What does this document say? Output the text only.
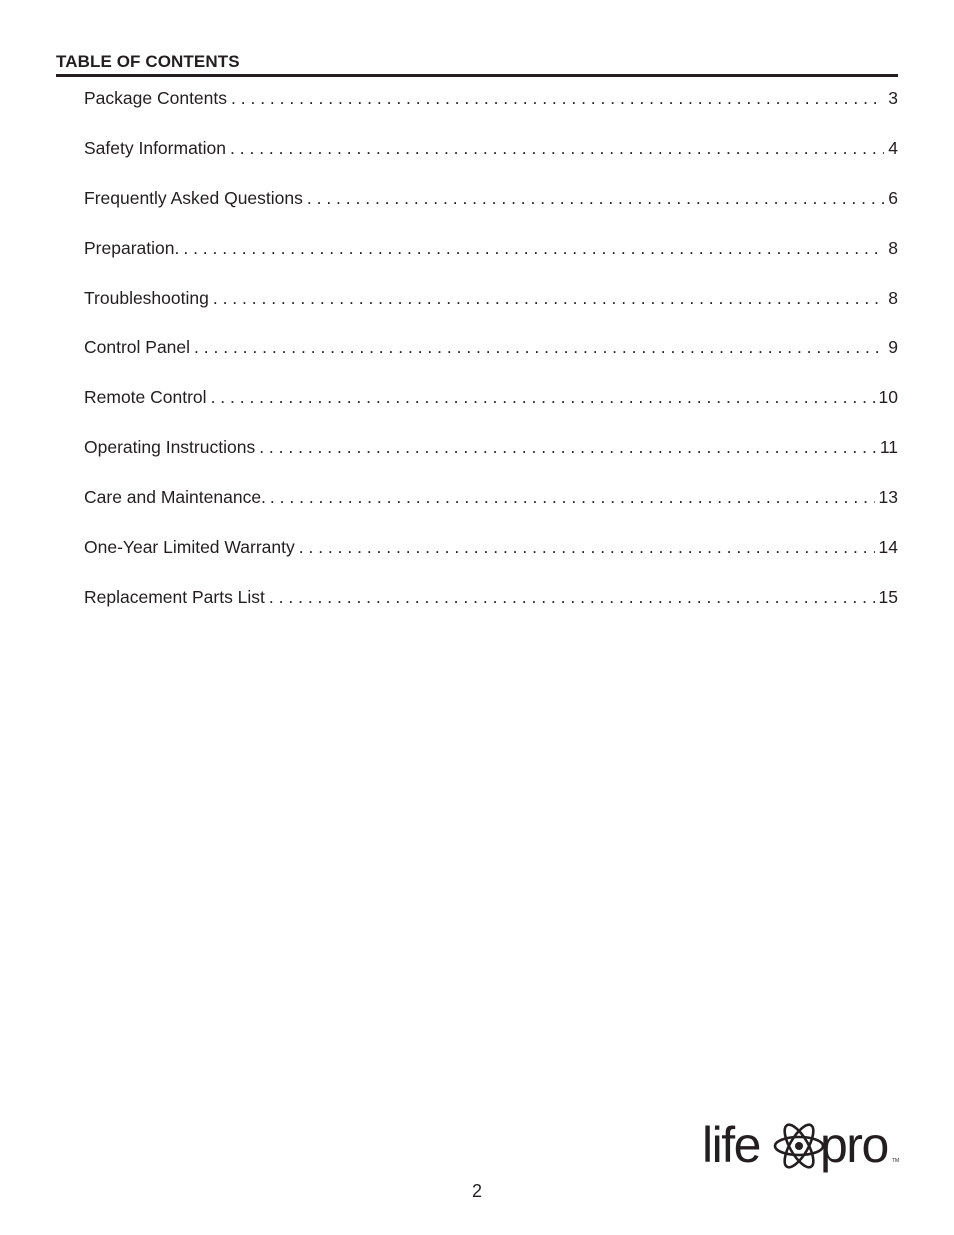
TABLE OF CONTENTS
Package Contents . . .	3
Safety Information . . .	4
Frequently Asked Questions . . .	6
Preparation. . . .	8
Troubleshooting . . .	8
Control Panel . . .	9
Remote Control . . .	10
Operating Instructions . . .	11
Care and Maintenance. . . .	13
One-Year Limited Warranty . . .	14
Replacement Parts List . . .	15
life pro TM
2
